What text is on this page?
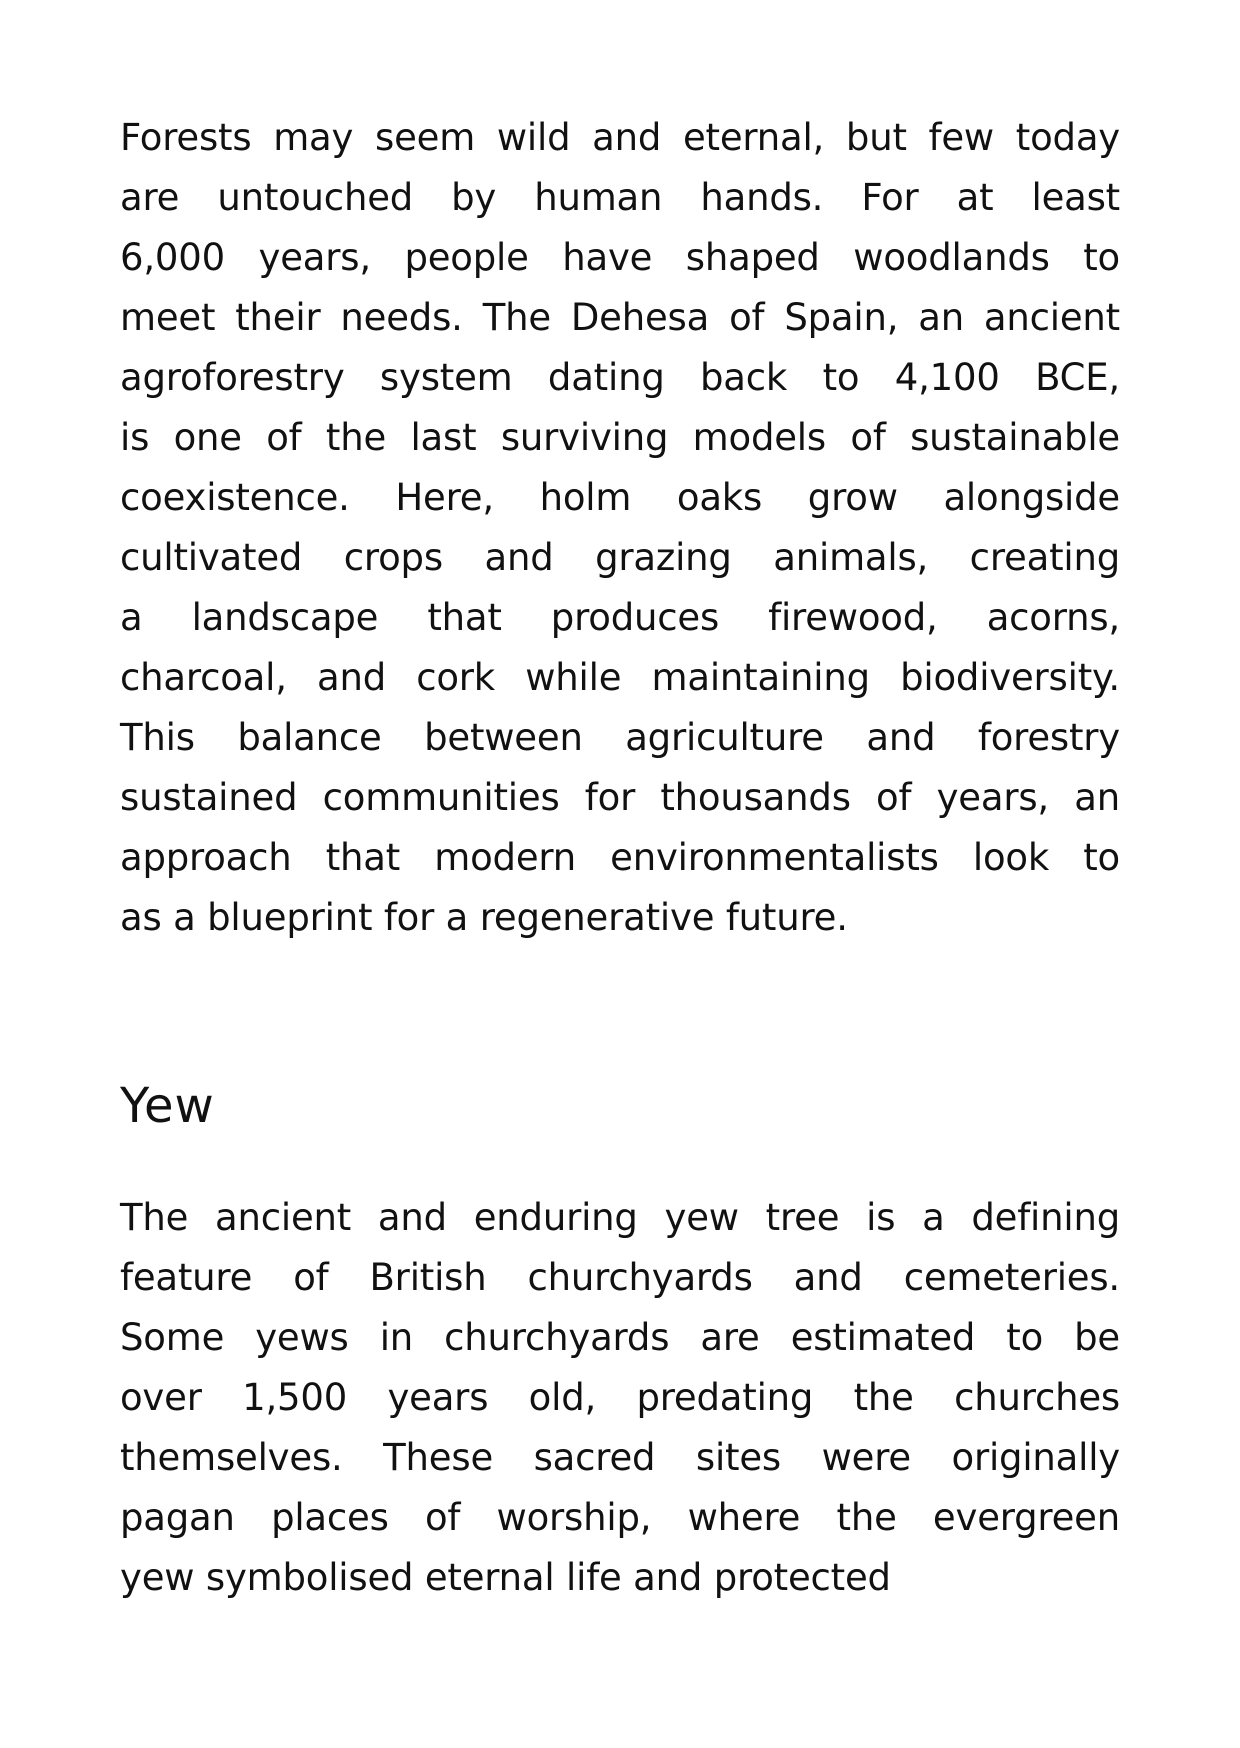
Forests may seem wild and eternal, but few today
are untouched by human hands. For at least
6,000 years, people have shaped woodlands to
meet their needs. The Dehesa of Spain, an ancient
agroforestry system dating back to 4,100 BCE,
is one of the last surviving models of sustainable
coexistence. Here, holm oaks grow alongside
cultivated crops and grazing animals, creating
a landscape that produces firewood, acorns,
charcoal, and cork while maintaining biodiversity.
This balance between agriculture and forestry
sustained communities for thousands of years, an
approach that modern environmentalists look to
as a blueprint for a regenerative future.

Yew

The ancient and enduring yew tree is a defining
feature of British churchyards and cemeteries.
Some yews in churchyards are estimated to be
over 1,500 years old, predating the churches
themselves. These sacred sites were originally
pagan places of worship, where the evergreen
yew symbolised eternal life and protected
